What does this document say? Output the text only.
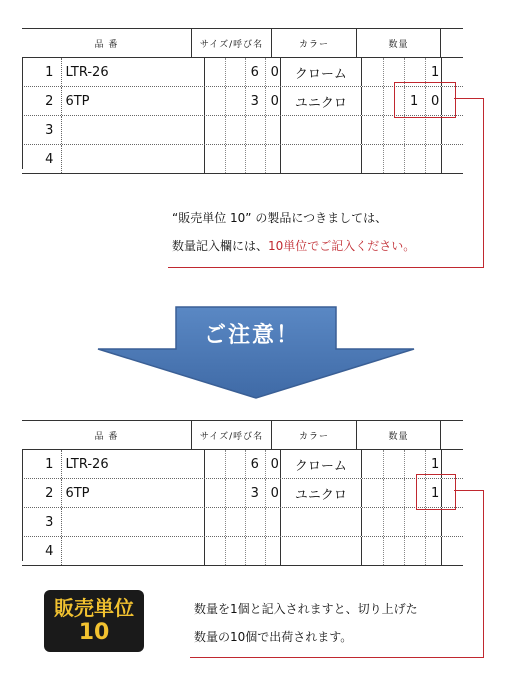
品 番	サイズ/呼び名	カラー	数量
1 LTR-26	6 0	クローム	1
2 6TP	3 0	ユニクロ	1 0
3
4
“販売単位 10” の製品につきましては、
数量記入欄には、10単位でご記入ください。
ご注意！
品 番	サイズ/呼び名	カラー	数量
1 LTR-26	6 0	クローム	1
2 6TP	3 0	ユニクロ	1
3
4
販売単位
10
数量を1個と記入されますと、切り上げた
数量の10個で出荷されます。
